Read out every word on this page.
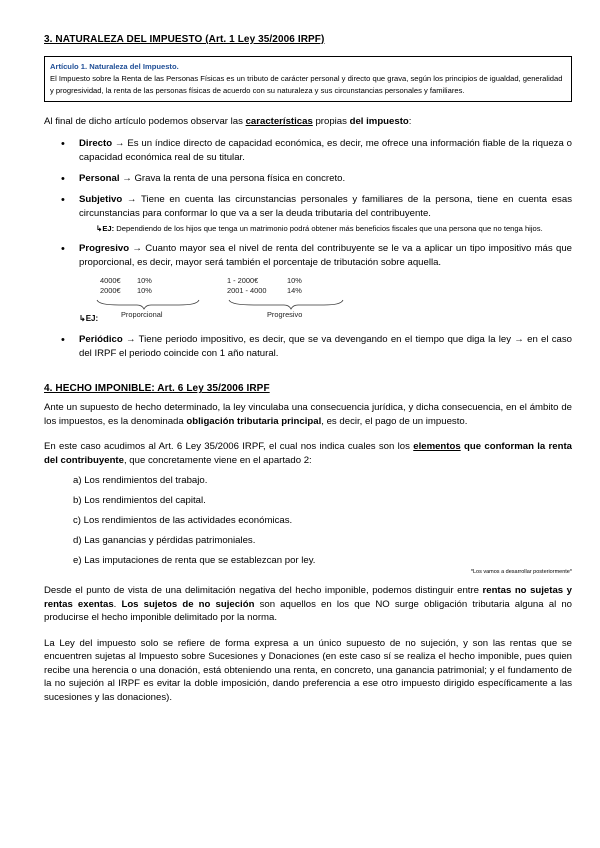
3. NATURALEZA DEL IMPUESTO (Art. 1 Ley 35/2006 IRPF)
Artículo 1. Naturaleza del Impuesto.
El Impuesto sobre la Renta de las Personas Físicas es un tributo de carácter personal y directo que grava, según los principios de igualdad, generalidad y progresividad, la renta de las personas físicas de acuerdo con su naturaleza y sus circunstancias personales y familiares.

Al final de dicho artículo podemos observar las características propias del impuesto:

• Directo → Es un índice directo de capacidad económica, es decir, me ofrece una información fiable de la riqueza o capacidad económica real de su titular.
• Personal → Grava la renta de una persona física en concreto.
• Subjetivo → Tiene en cuenta las circunstancias personales y familiares de la persona, tiene en cuenta esas circunstancias para conformar lo que va a ser la deuda tributaria del contribuyente.
↳EJ: Dependiendo de los hijos que tenga un matrimonio podrá obtener más beneficios fiscales que una persona que no tenga hijos.
• Progresivo → Cuanto mayor sea el nivel de renta del contribuyente se le va a aplicar un tipo impositivo más que proporcional, es decir, mayor será también el porcentaje de tributación sobre aquella.
4000€        10%
2000€        10%
Proporcional
1 - 2000€              10%
2001 - 4000          14%
Progresivo
↳EJ:
• Periódico → Tiene periodo impositivo, es decir, que se va devengando en el tiempo que diga la ley → en el caso del IRPF el periodo coincide con 1 año natural.
4. HECHO IMPONIBLE: Art. 6 Ley 35/2006 IRPF

Ante un supuesto de hecho determinado, la ley vinculaba una consecuencia jurídica, y dicha consecuencia, en el ámbito de los impuestos, es la denominada obligación tributaria principal, es decir, el pago de un impuesto.

En este caso acudimos al Art. 6 Ley 35/2006 IRPF, el cual nos indica cuales son los elementos que conforman la renta del contribuyente, que concretamente viene en el apartado 2:

a) Los rendimientos del trabajo.
b) Los rendimientos del capital.
c) Los rendimientos de las actividades económicas.
d) Las ganancias y pérdidas patrimoniales.
e) Las imputaciones de renta que se establezcan por ley.
*Los vamos a desarrollar posteriormente*

Desde el punto de vista de una delimitación negativa del hecho imponible, podemos distinguir entre rentas no sujetas y rentas exentas. Los sujetos de no sujeción son aquellos en los que NO surge obligación tributaria alguna al no producirse el hecho imponible delimitado por la norma.

La Ley del impuesto solo se refiere de forma expresa a un único supuesto de no sujeción, y son las rentas que se encuentren sujetas al Impuesto sobre Sucesiones y Donaciones (en este caso sí se realiza el hecho imponible, pues quien recibe una herencia o una donación, está obteniendo una renta, en concreto, una ganancia patrimonial; y el fundamento de la no sujeción al IRPF es evitar la doble imposición, dando preferencia a ese otro impuesto dirigido específicamente a las sucesiones y las donaciones).
